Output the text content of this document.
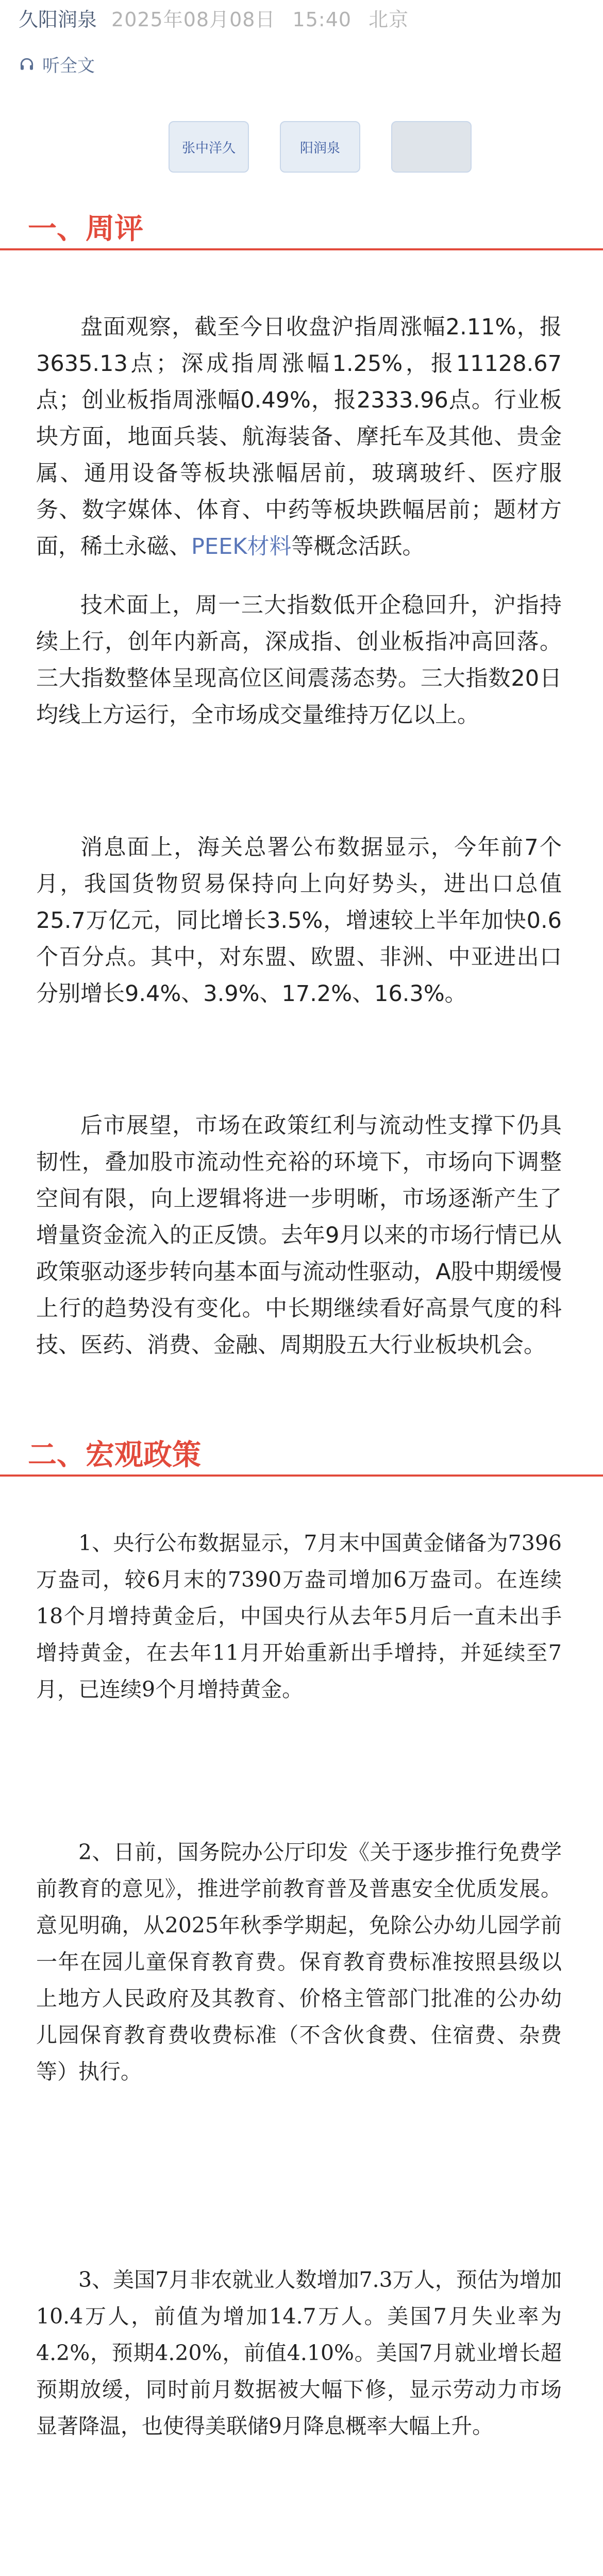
久阳润泉 2025年08月08日 15:40 北京
听全文
张中洋久	阳润泉
一、周评

盘面观察，截至今日收盘沪指周涨幅2.11%，报3635.13点；深成指周涨幅1.25%，报11128.67点；创业板指周涨幅0.49%，报2333.96点。行业板块方面，地面兵装、航海装备、摩托车及其他、贵金属、通用设备等板块涨幅居前，玻璃玻纤、医疗服务、数字媒体、体育、中药等板块跌幅居前；题材方面，稀土永磁、PEEK材料等概念活跃。

技术面上，周一三大指数低开企稳回升，沪指持续上行，创年内新高，深成指、创业板指冲高回落。三大指数整体呈现高位区间震荡态势。三大指数20日均线上方运行，全市场成交量维持万亿以上。

消息面上，海关总署公布数据显示，今年前7个月，我国货物贸易保持向上向好势头，进出口总值25.7万亿元，同比增长3.5%，增速较上半年加快0.6个百分点。其中，对东盟、欧盟、非洲、中亚进出口分别增长9.4%、3.9%、17.2%、16.3%。

后市展望，市场在政策红利与流动性支撑下仍具韧性，叠加股市流动性充裕的环境下，市场向下调整空间有限，向上逻辑将进一步明晰，市场逐渐产生了增量资金流入的正反馈。去年9月以来的市场行情已从政策驱动逐步转向基本面与流动性驱动，A股中期缓慢上行的趋势没有变化。中长期继续看好高景气度的科技、医药、消费、金融、周期股五大行业板块机会。

二、宏观政策

1、央行公布数据显示，7月末中国黄金储备为7396万盎司，较6月末的7390万盎司增加6万盎司。在连续18个月增持黄金后，中国央行从去年5月后一直未出手增持黄金，在去年11月开始重新出手增持，并延续至7月，已连续9个月增持黄金。

2、日前，国务院办公厅印发《关于逐步推行免费学前教育的意见》，推进学前教育普及普惠安全优质发展。意见明确，从2025年秋季学期起，免除公办幼儿园学前一年在园儿童保育教育费。保育教育费标准按照县级以上地方人民政府及其教育、价格主管部门批准的公办幼儿园保育教育费收费标准（不含伙食费、住宿费、杂费等）执行。

3、美国7月非农就业人数增加7.3万人，预估为增加10.4万人，前值为增加14.7万人。美国7月失业率为4.2%，预期4.20%，前值4.10%。美国7月就业增长超预期放缓，同时前月数据被大幅下修，显示劳动力市场显著降温，也使得美联储9月降息概率大幅上升。
